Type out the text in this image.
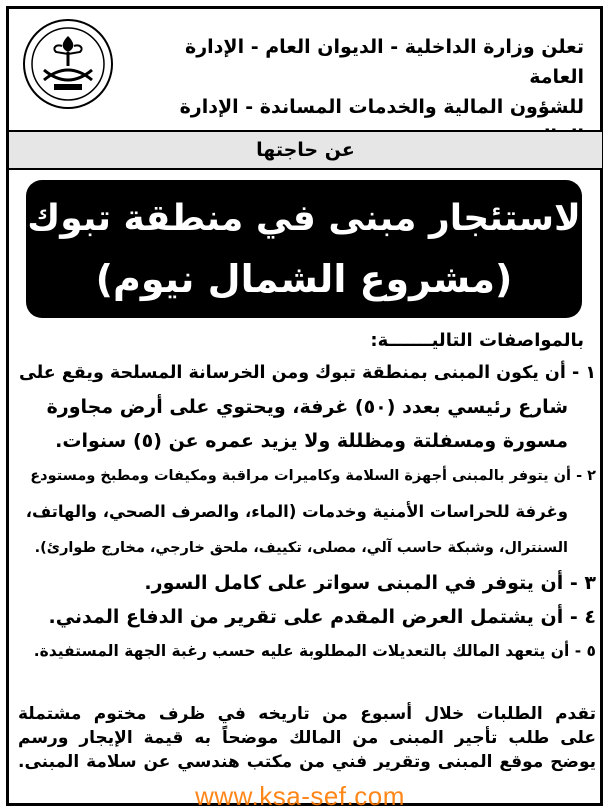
تعلن وزارة الداخلية - الديوان العام - الإدارة العامة
للشؤون المالية والخدمات المساندة - الإدارة
عن حاجتها
لاستئجار مبنى في منطقة تبوك
(مشروع الشمال نيوم)
بالمواصفات التاليـــــــة:
١ - أن يكون المبنى بمنطقة تبوك ومن الخرسانة المسلحة ويقع على
شارع رئيسي بعدد (٥٠) غرفة، ويحتوي على أرض مجاورة
مسورة ومسفلتة ومظللة ولا يزيد عمره عن (٥) سنوات.
٢ - أن يتوفر بالمبنى أجهزة السلامة وكاميرات مراقبة ومكيفات ومطبخ ومستودع
وغرفة للحراسات الأمنية وخدمات (الماء، والصرف الصحي، والهاتف،
السنترال، وشبكة حاسب آلي، مصلى، تكييف، ملحق خارجي، مخارج طوارئ).
٣ - أن يتوفر في المبنى سواتر على كامل السور.
٤ - أن يشتمل العرض المقدم على تقرير من الدفاع المدني.
٥ - أن يتعهد المالك بالتعديلات المطلوبة عليه حسب رغبة الجهة المستفيدة.
تقدم الطلبات خلال أسبوع من تاريخه في ظرف مختوم مشتملة
على طلب تأجير المبنى من المالك موضحاً به قيمة الإيجار ورسم
يوضح موقع المبنى وتقرير فني من مكتب هندسي عن سلامة المبنى.
www.ksa-sef.com
